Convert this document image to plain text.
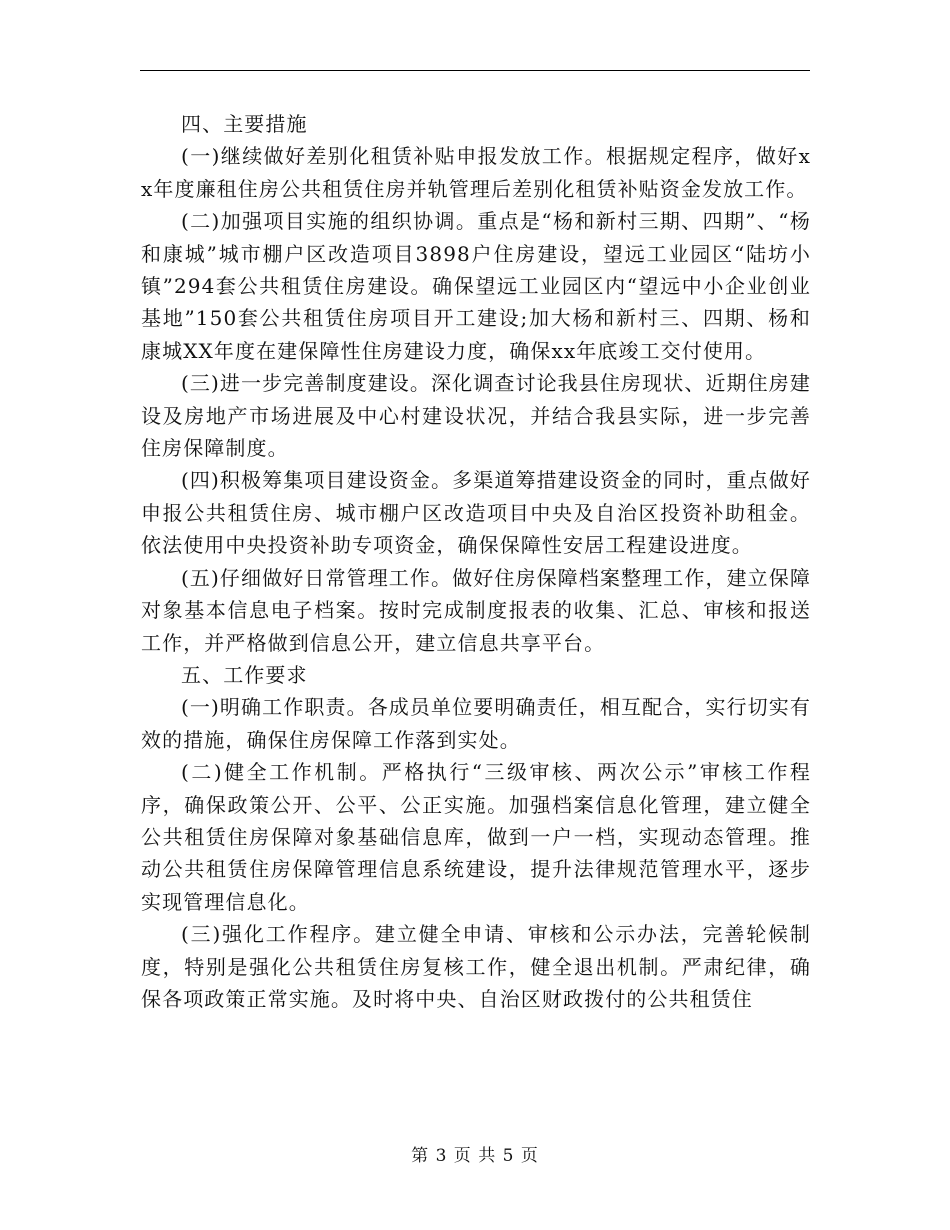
四、主要措施

(一)继续做好差别化租赁补贴申报发放工作。根据规定程序，做好xx年度廉租住房公共租赁住房并轨管理后差别化租赁补贴资金发放工作。

(二)加强项目实施的组织协调。重点是“杨和新村三期、四期”、“杨和康城”城市棚户区改造项目3898户住房建设，望远工业园区“陆坊小镇”294套公共租赁住房建设。确保望远工业园区内“望远中小企业创业基地”150套公共租赁住房项目开工建设;加大杨和新村三、四期、杨和康城XX年度在建保障性住房建设力度，确保xx年底竣工交付使用。

(三)进一步完善制度建设。深化调查讨论我县住房现状、近期住房建设及房地产市场进展及中心村建设状况，并结合我县实际，进一步完善住房保障制度。

(四)积极筹集项目建设资金。多渠道筹措建设资金的同时，重点做好申报公共租赁住房、城市棚户区改造项目中央及自治区投资补助租金。依法使用中央投资补助专项资金，确保保障性安居工程建设进度。

(五)仔细做好日常管理工作。做好住房保障档案整理工作，建立保障对象基本信息电子档案。按时完成制度报表的收集、汇总、审核和报送工作，并严格做到信息公开，建立信息共享平台。

五、工作要求

(一)明确工作职责。各成员单位要明确责任，相互配合，实行切实有效的措施，确保住房保障工作落到实处。

(二)健全工作机制。严格执行“三级审核、两次公示”审核工作程序，确保政策公开、公平、公正实施。加强档案信息化管理，建立健全公共租赁住房保障对象基础信息库，做到一户一档，实现动态管理。推动公共租赁住房保障管理信息系统建设，提升法律规范管理水平，逐步实现管理信息化。

(三)强化工作程序。建立健全申请、审核和公示办法，完善轮候制度，特别是强化公共租赁住房复核工作，健全退出机制。严肃纪律，确保各项政策正常实施。及时将中央、自治区财政拨付的公共租赁住

第 3 页 共 5 页
